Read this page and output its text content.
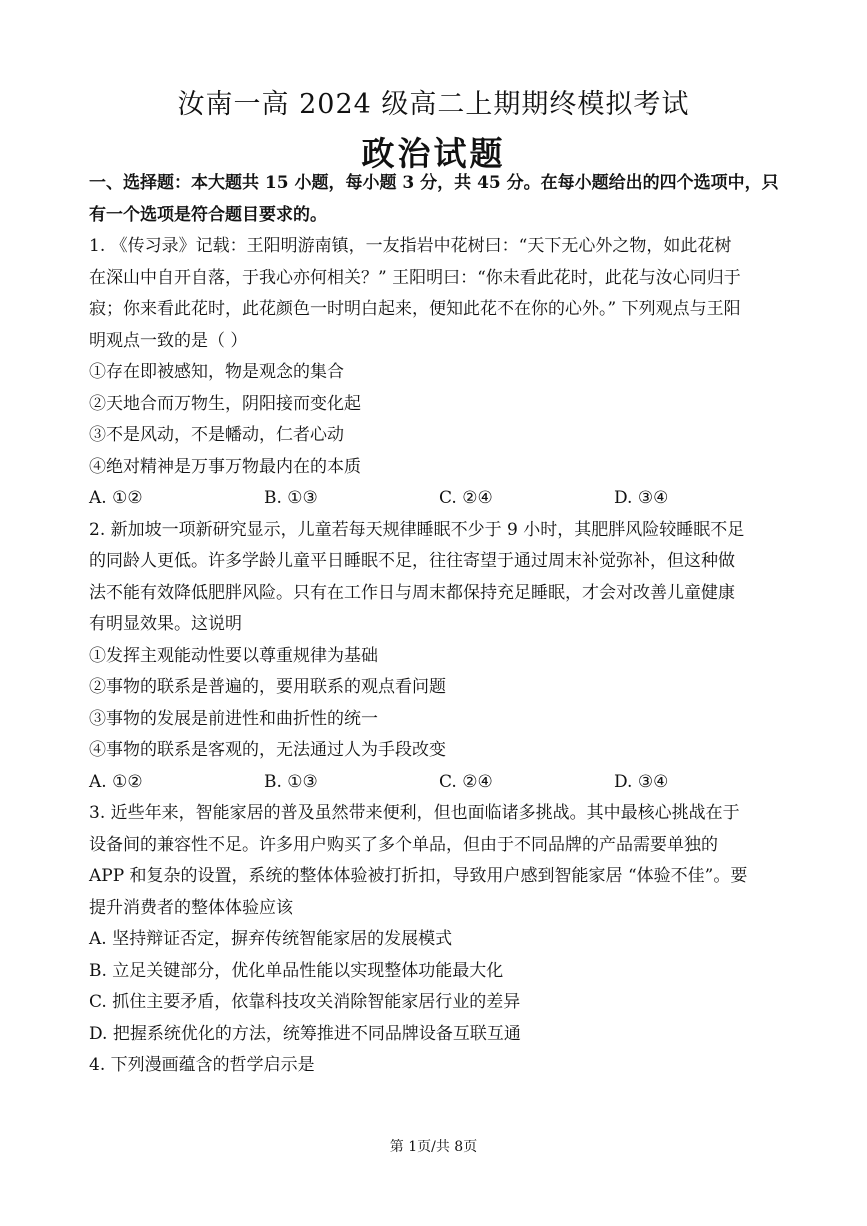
汝南一高 2024 级高二上期期终模拟考试
政治试题
一、选择题：本大题共 15 小题，每小题 3 分，共 45 分。在每小题给出的四个选项中，只
有一个选项是符合题目要求的。
1. 《传习录》记载：王阳明游南镇，一友指岩中花树曰：“天下无心外之物，如此花树
在深山中自开自落，于我心亦何相关？” 王阳明曰：“你未看此花时，此花与汝心同归于
寂；你来看此花时，此花颜色一时明白起来，便知此花不在你的心外。” 下列观点与王阳
明观点一致的是（ ）
①存在即被感知，物是观念的集合
②天地合而万物生，阴阳接而变化起
③不是风动，不是幡动，仁者心动
④绝对精神是万事万物最内在的本质
A. ①②	B. ①③	C. ②④	D. ③④
2. 新加坡一项新研究显示，儿童若每天规律睡眠不少于 9 小时，其肥胖风险较睡眠不足
的同龄人更低。许多学龄儿童平日睡眠不足，往往寄望于通过周末补觉弥补，但这种做
法不能有效降低肥胖风险。只有在工作日与周末都保持充足睡眠，才会对改善儿童健康
有明显效果。这说明
①发挥主观能动性要以尊重规律为基础
②事物的联系是普遍的，要用联系的观点看问题
③事物的发展是前进性和曲折性的统一
④事物的联系是客观的，无法通过人为手段改变
A. ①②	B. ①③	C. ②④	D. ③④
3. 近些年来，智能家居的普及虽然带来便利，但也面临诸多挑战。其中最核心挑战在于
设备间的兼容性不足。许多用户购买了多个单品，但由于不同品牌的产品需要单独的
APP 和复杂的设置，系统的整体体验被打折扣，导致用户感到智能家居 “体验不佳”。要
提升消费者的整体体验应该
A. 坚持辩证否定，摒弃传统智能家居的发展模式
B. 立足关键部分，优化单品性能以实现整体功能最大化
C. 抓住主要矛盾，依靠科技攻关消除智能家居行业的差异
D. 把握系统优化的方法，统筹推进不同品牌设备互联互通
4. 下列漫画蕴含的哲学启示是
第 1页/共 8页
